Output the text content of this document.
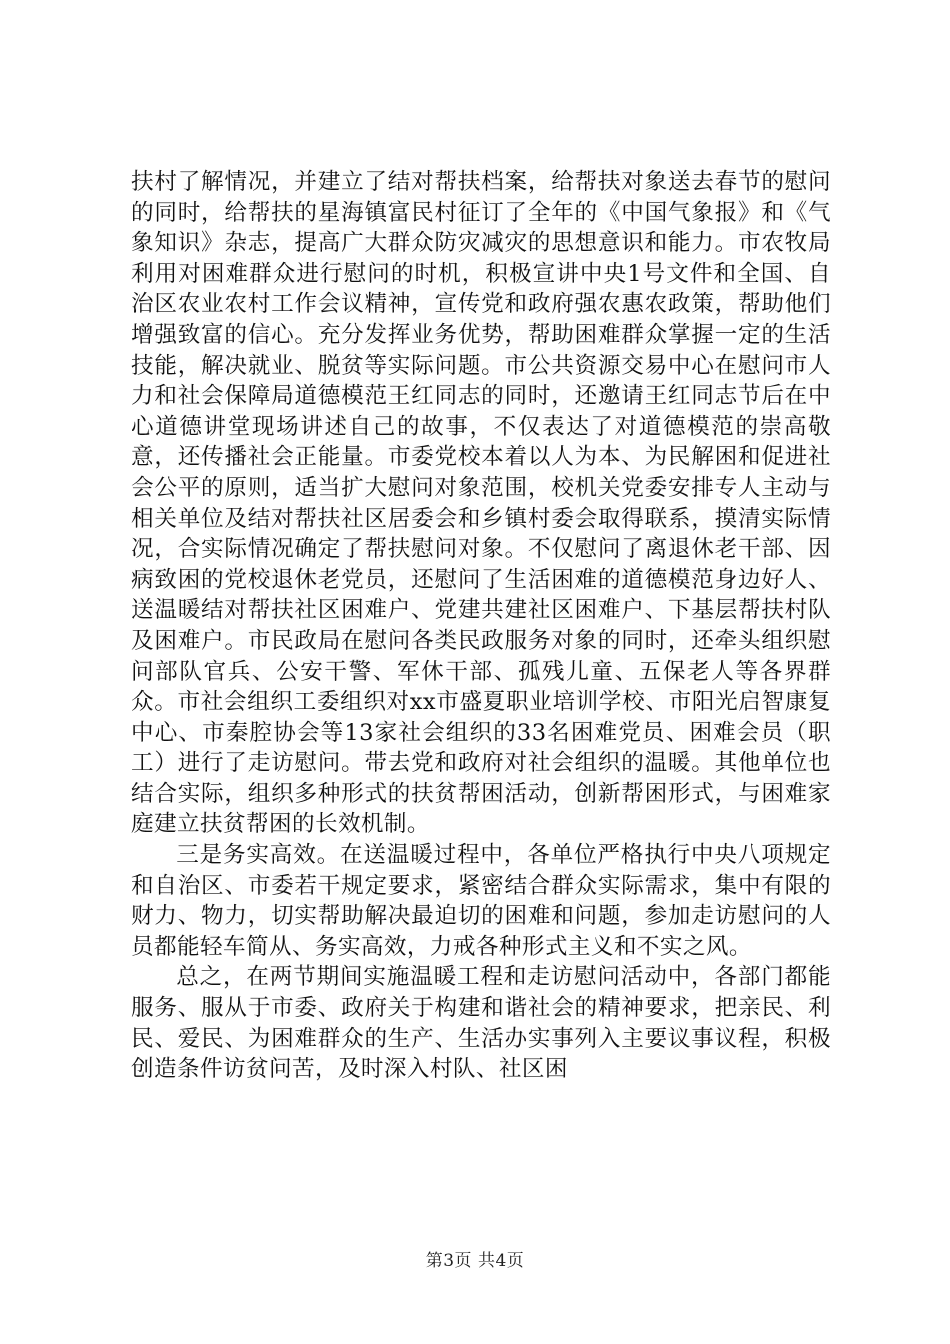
扶村了解情况，并建立了结对帮扶档案，给帮扶对象送去春节的慰问的同时，给帮扶的星海镇富民村征订了全年的《中国气象报》和《气象知识》杂志，提高广大群众防灾减灾的思想意识和能力。市农牧局利用对困难群众进行慰问的时机，积极宣讲中央1号文件和全国、自治区农业农村工作会议精神，宣传党和政府强农惠农政策，帮助他们增强致富的信心。充分发挥业务优势，帮助困难群众掌握一定的生活技能，解决就业、脱贫等实际问题。市公共资源交易中心在慰问市人力和社会保障局道德模范王红同志的同时，还邀请王红同志节后在中心道德讲堂现场讲述自己的故事，不仅表达了对道德模范的崇高敬意，还传播社会正能量。市委党校本着以人为本、为民解困和促进社会公平的原则，适当扩大慰问对象范围，校机关党委安排专人主动与相关单位及结对帮扶社区居委会和乡镇村委会取得联系，摸清实际情况，合实际情况确定了帮扶慰问对象。不仅慰问了离退休老干部、因病致困的党校退休老党员，还慰问了生活困难的道德模范身边好人、送温暖结对帮扶社区困难户、党建共建社区困难户、下基层帮扶村队及困难户。市民政局在慰问各类民政服务对象的同时，还牵头组织慰问部队官兵、公安干警、军休干部、孤残儿童、五保老人等各界群众。市社会组织工委组织对xx市盛夏职业培训学校、市阳光启智康复中心、市秦腔协会等13家社会组织的33名困难党员、困难会员（职工）进行了走访慰问。带去党和政府对社会组织的温暖。其他单位也结合实际，组织多种形式的扶贫帮困活动，创新帮困形式，与困难家庭建立扶贫帮困的长效机制。

三是务实高效。在送温暖过程中，各单位严格执行中央八项规定和自治区、市委若干规定要求，紧密结合群众实际需求，集中有限的财力、物力，切实帮助解决最迫切的困难和问题，参加走访慰问的人员都能轻车简从、务实高效，力戒各种形式主义和不实之风。

总之，在两节期间实施温暖工程和走访慰问活动中，各部门都能服务、服从于市委、政府关于构建和谐社会的精神要求，把亲民、利民、爱民、为困难群众的生产、生活办实事列入主要议事议程，积极创造条件访贫问苦，及时深入村队、社区困

第3页 共4页
